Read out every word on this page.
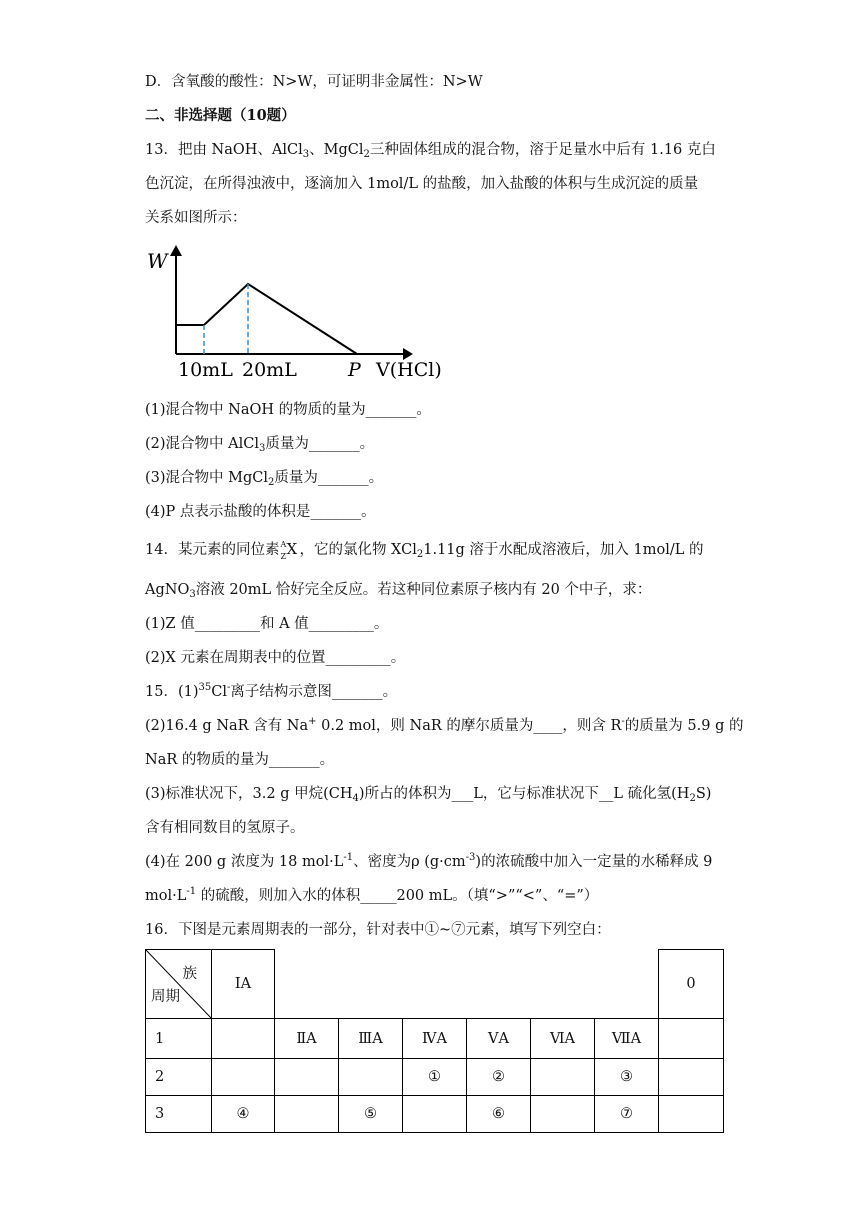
D．含氧酸的酸性：N>W，可证明非金属性：N>W
二、非选择题（10题）
13．把由 NaOH、AlCl$_3$、MgCl$_2$三种固体组成的混合物，溶于足量水中后有 1.16 克白
色沉淀，在所得浊液中，逐滴加入 1mol/L 的盐酸，加入盐酸的体积与生成沉淀的质量
关系如图所示：
W
10mL 20mL	P V(HCl)
(1)混合物中 NaOH 的物质的量为_______。
(2)混合物中 AlCl$_3$质量为_______。
(3)混合物中 MgCl$_2$质量为_______。
(4)P 点表示盐酸的体积是_______。
14．某元素的同位素 A
Z X ，它的氯化物 XCl$_2$1.11g 溶于水配成溶液后，加入 1mol/L 的
AgNO$_3$溶液 20mL 恰好完全反应。若这种同位素原子核内有 20 个中子，求：
(1)Z 值_________和 A 值_________。
(2)X 元素在周期表中的位置_________。
15．$(1)^{35}Cl^-$离子结构示意图_______。
(2)16.4 g NaR 含有 Na+ 0.2 mol，则 NaR 的摩尔质量为____，则含 R-的质量为 5.9 g 的
NaR 的物质的量为_______。
(3)标准状况下，3.2 g 甲烷$(CH_4)$所占的体积为___L，它与标准状况下__L 硫化氢$(H_2S)$
含有相同数目的氢原子。
(4)在 200 g 浓度为 18 $mol\cdot L^{-1}$、密度为ρ $(g\cdot cm^{-3})$的浓硫酸中加入一定量的水稀释成 9
$mol\cdot L^{-1}$ 的硫酸，则加入水的体积_____200 mL。（填“>”“<”、“=”）
16．下图是元素周期表的一部分，针对表中①~⑦元素，填写下列空白：
族
周期	ⅠA							0
1		ⅡA	ⅢA	ⅣA	ⅤA	ⅥA	ⅦA	
2				①	②		③	
3	④		⑤		⑥		⑦	
